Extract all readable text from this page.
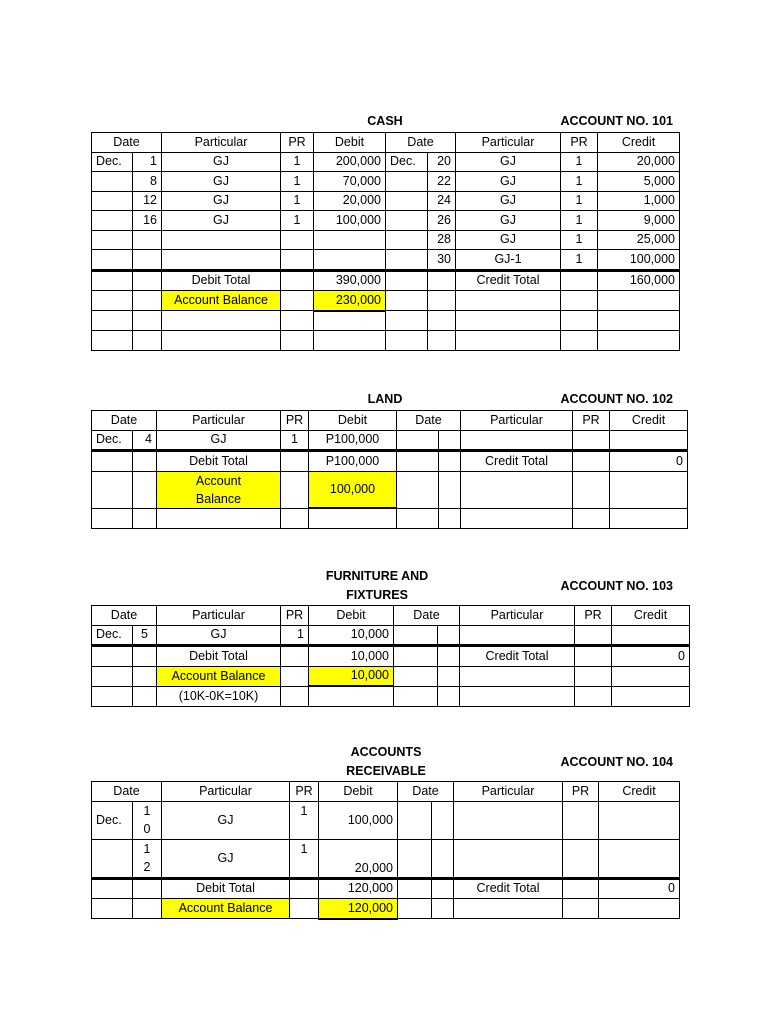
CASH	ACCOUNT NO. 101
Date		Particular	PR	Debit	Date		Particular	PR	Credit
Dec.	1	GJ	1	200,000	Dec.	20	GJ	1	20,000
	8	GJ	1	70,000		22	GJ	1	5,000
	12	GJ	1	20,000		24	GJ	1	1,000
	16	GJ	1	100,000		26	GJ	1	9,000
						28	GJ	1	25,000
						30	GJ-1	1	100,000
		Debit Total		390,000			Credit Total		160,000
		Account Balance		230,000					

LAND	ACCOUNT NO. 102
Date		Particular	PR	Debit	Date		Particular	PR	Credit
Dec.	4	GJ	1	P100,000					
		Debit Total		P100,000			Credit Total		0
		Account Balance		100,000					

FURNITURE AND FIXTURES
ACCOUNT NO. 103
Date		Particular	PR	Debit	Date		Particular	PR	Credit
Dec.	5	GJ	1	10,000					
		Debit Total		10,000			Credit Total		0
		Account Balance		10,000					
		(10K-0K=10K)							
ACCOUNTS RECEIVABLE
ACCOUNT NO. 104
Date		Particular	PR	Debit	Date		Particular	PR	Credit
Dec.	10	GJ	1	100,000					
	12	GJ	1	20,000					
		Debit Total		120,000			Credit Total		0
		Account Balance		120,000					
